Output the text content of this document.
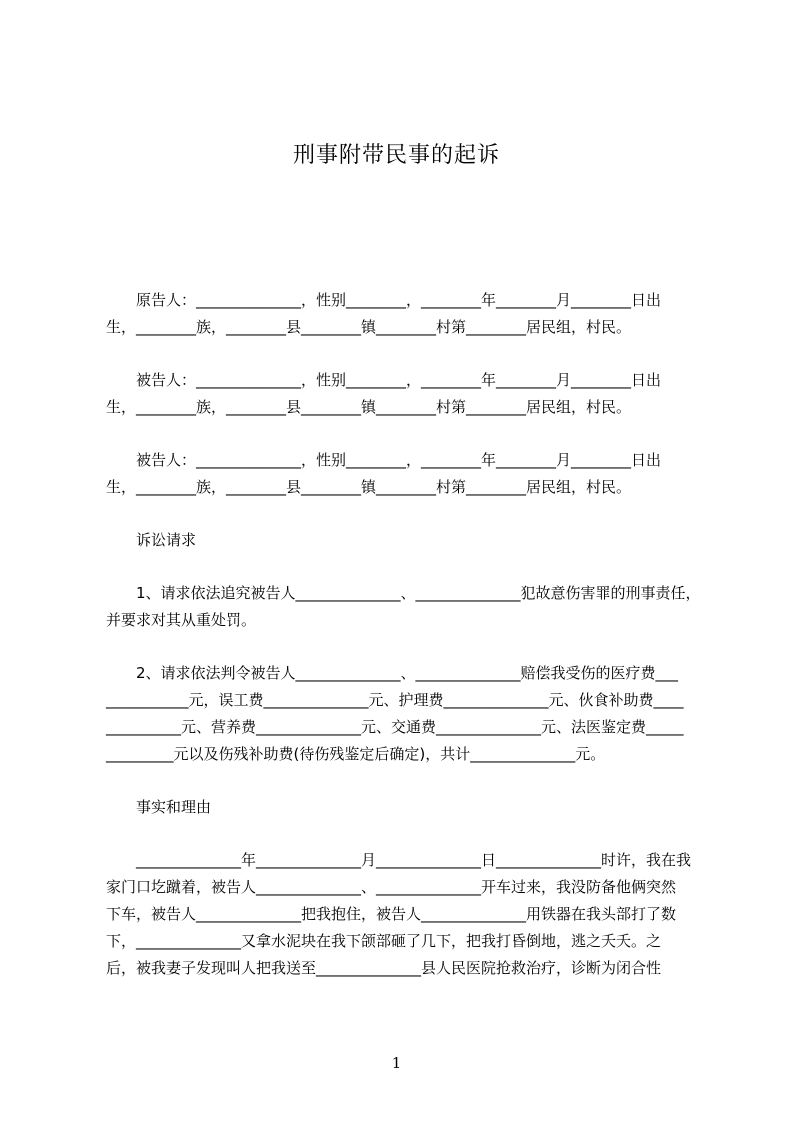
刑事附带民事的起诉
　　原告人：______________，性别________，________年________月________日出
生，________族，________县________镇________村第________居民组，村民。
　　被告人：______________，性别________，________年________月________日出
生，________族，________县________镇________村第________居民组，村民。
　　被告人：______________，性别________，________年________月________日出
生，________族，________县________镇________村第________居民组，村民。
诉讼请求
　　1、请求依法追究被告人______________、______________犯故意伤害罪的刑事责任，
并要求对其从重处罚。
　　2、请求依法判令被告人______________、______________赔偿我受伤的医疗费___
___________元，误工费______________元、护理费______________元、伙食补助费____
__________元、营养费______________元、交通费______________元、法医鉴定费_____
_________元以及伤残补助费(待伤残鉴定后确定)，共计______________元。
事实和理由
　　______________年______________月______________日______________时许，我在我
家门口圪蹴着，被告人______________、______________开车过来，我没防备他俩突然
下车，被告人______________把我抱住，被告人______________用铁器在我头部打了数
下，______________又拿水泥块在我下颌部砸了几下，把我打昏倒地，逃之夭夭。之
后，被我妻子发现叫人把我送至______________县人民医院抢救治疗，诊断为闭合性
1
